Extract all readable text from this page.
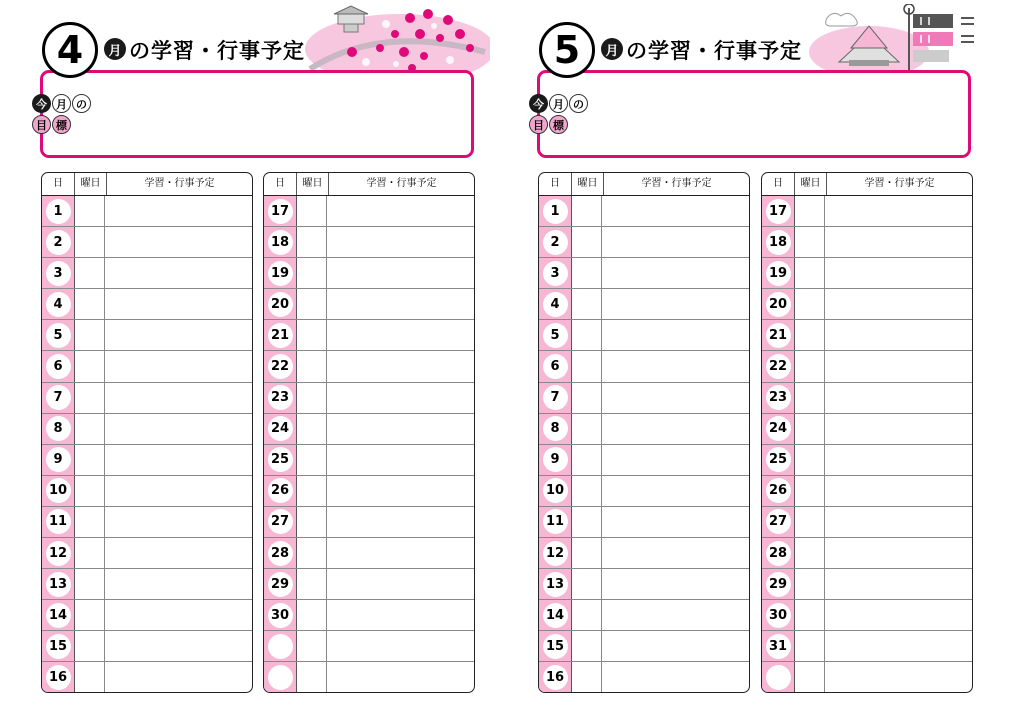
4	月 の学習・行事予定
今 月 の
目 標
日	曜日	学習・行事予定
1
2
3
4
5
6
7
8
9
10
11
12
13
14
15
16
日	曜日	学習・行事予定
17
18
19
20
21
22
23
24
25
26
27
28
29
30
5	月 の学習・行事予定
今 月 の
目 標
日	曜日	学習・行事予定
1
2
3
4
5
6
7
8
9
10
11
12
13
14
15
16
日	曜日	学習・行事予定
17
18
19
20
21
22
23
24
25
26
27
28
29
30
31
